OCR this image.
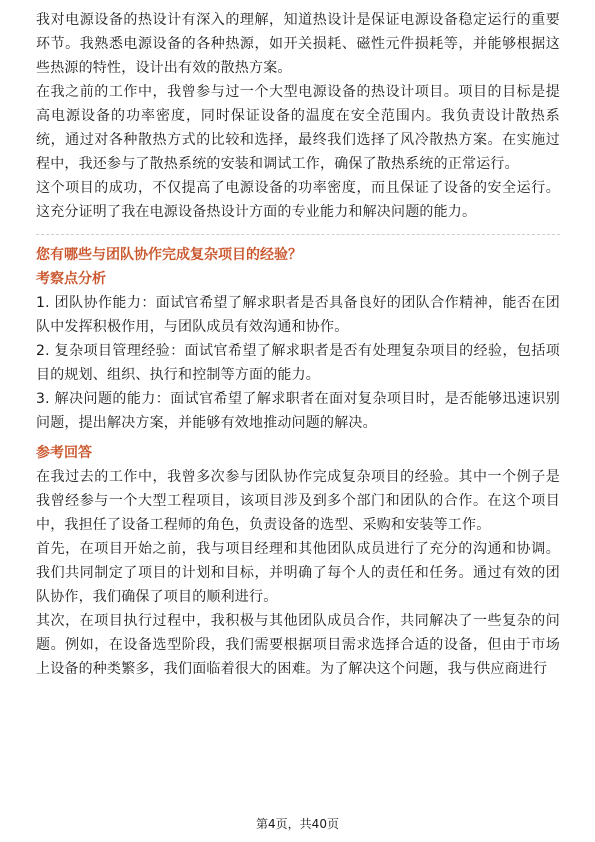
我对电源设备的热设计有深入的理解，知道热设计是保证电源设备稳定运行的重要环节。我熟悉电源设备的各种热源，如开关损耗、磁性元件损耗等，并能够根据这些热源的特性，设计出有效的散热方案。

在我之前的工作中，我曾参与过一个大型电源设备的热设计项目。项目的目标是提高电源设备的功率密度，同时保证设备的温度在安全范围内。我负责设计散热系统，通过对各种散热方式的比较和选择，最终我们选择了风冷散热方案。在实施过程中，我还参与了散热系统的安装和调试工作，确保了散热系统的正常运行。

这个项目的成功，不仅提高了电源设备的功率密度，而且保证了设备的安全运行。这充分证明了我在电源设备热设计方面的专业能力和解决问题的能力。

您有哪些与团队协作完成复杂项目的经验？

考察点分析

1. 团队协作能力：面试官希望了解求职者是否具备良好的团队合作精神，能否在团队中发挥积极作用，与团队成员有效沟通和协作。

2. 复杂项目管理经验：面试官希望了解求职者是否有处理复杂项目的经验，包括项目的规划、组织、执行和控制等方面的能力。

3. 解决问题的能力：面试官希望了解求职者在面对复杂项目时，是否能够迅速识别问题，提出解决方案，并能够有效地推动问题的解决。

参考回答

在我过去的工作中，我曾多次参与团队协作完成复杂项目的经验。其中一个例子是我曾经参与一个大型工程项目，该项目涉及到多个部门和团队的合作。在这个项目中，我担任了设备工程师的角色，负责设备的选型、采购和安装等工作。

首先，在项目开始之前，我与项目经理和其他团队成员进行了充分的沟通和协调。我们共同制定了项目的计划和目标，并明确了每个人的责任和任务。通过有效的团队协作，我们确保了项目的顺利进行。

其次，在项目执行过程中，我积极与其他团队成员合作，共同解决了一些复杂的问题。例如，在设备选型阶段，我们需要根据项目需求选择合适的设备，但由于市场上设备的种类繁多，我们面临着很大的困难。为了解决这个问题，我与供应商进行

第4页，共40页
